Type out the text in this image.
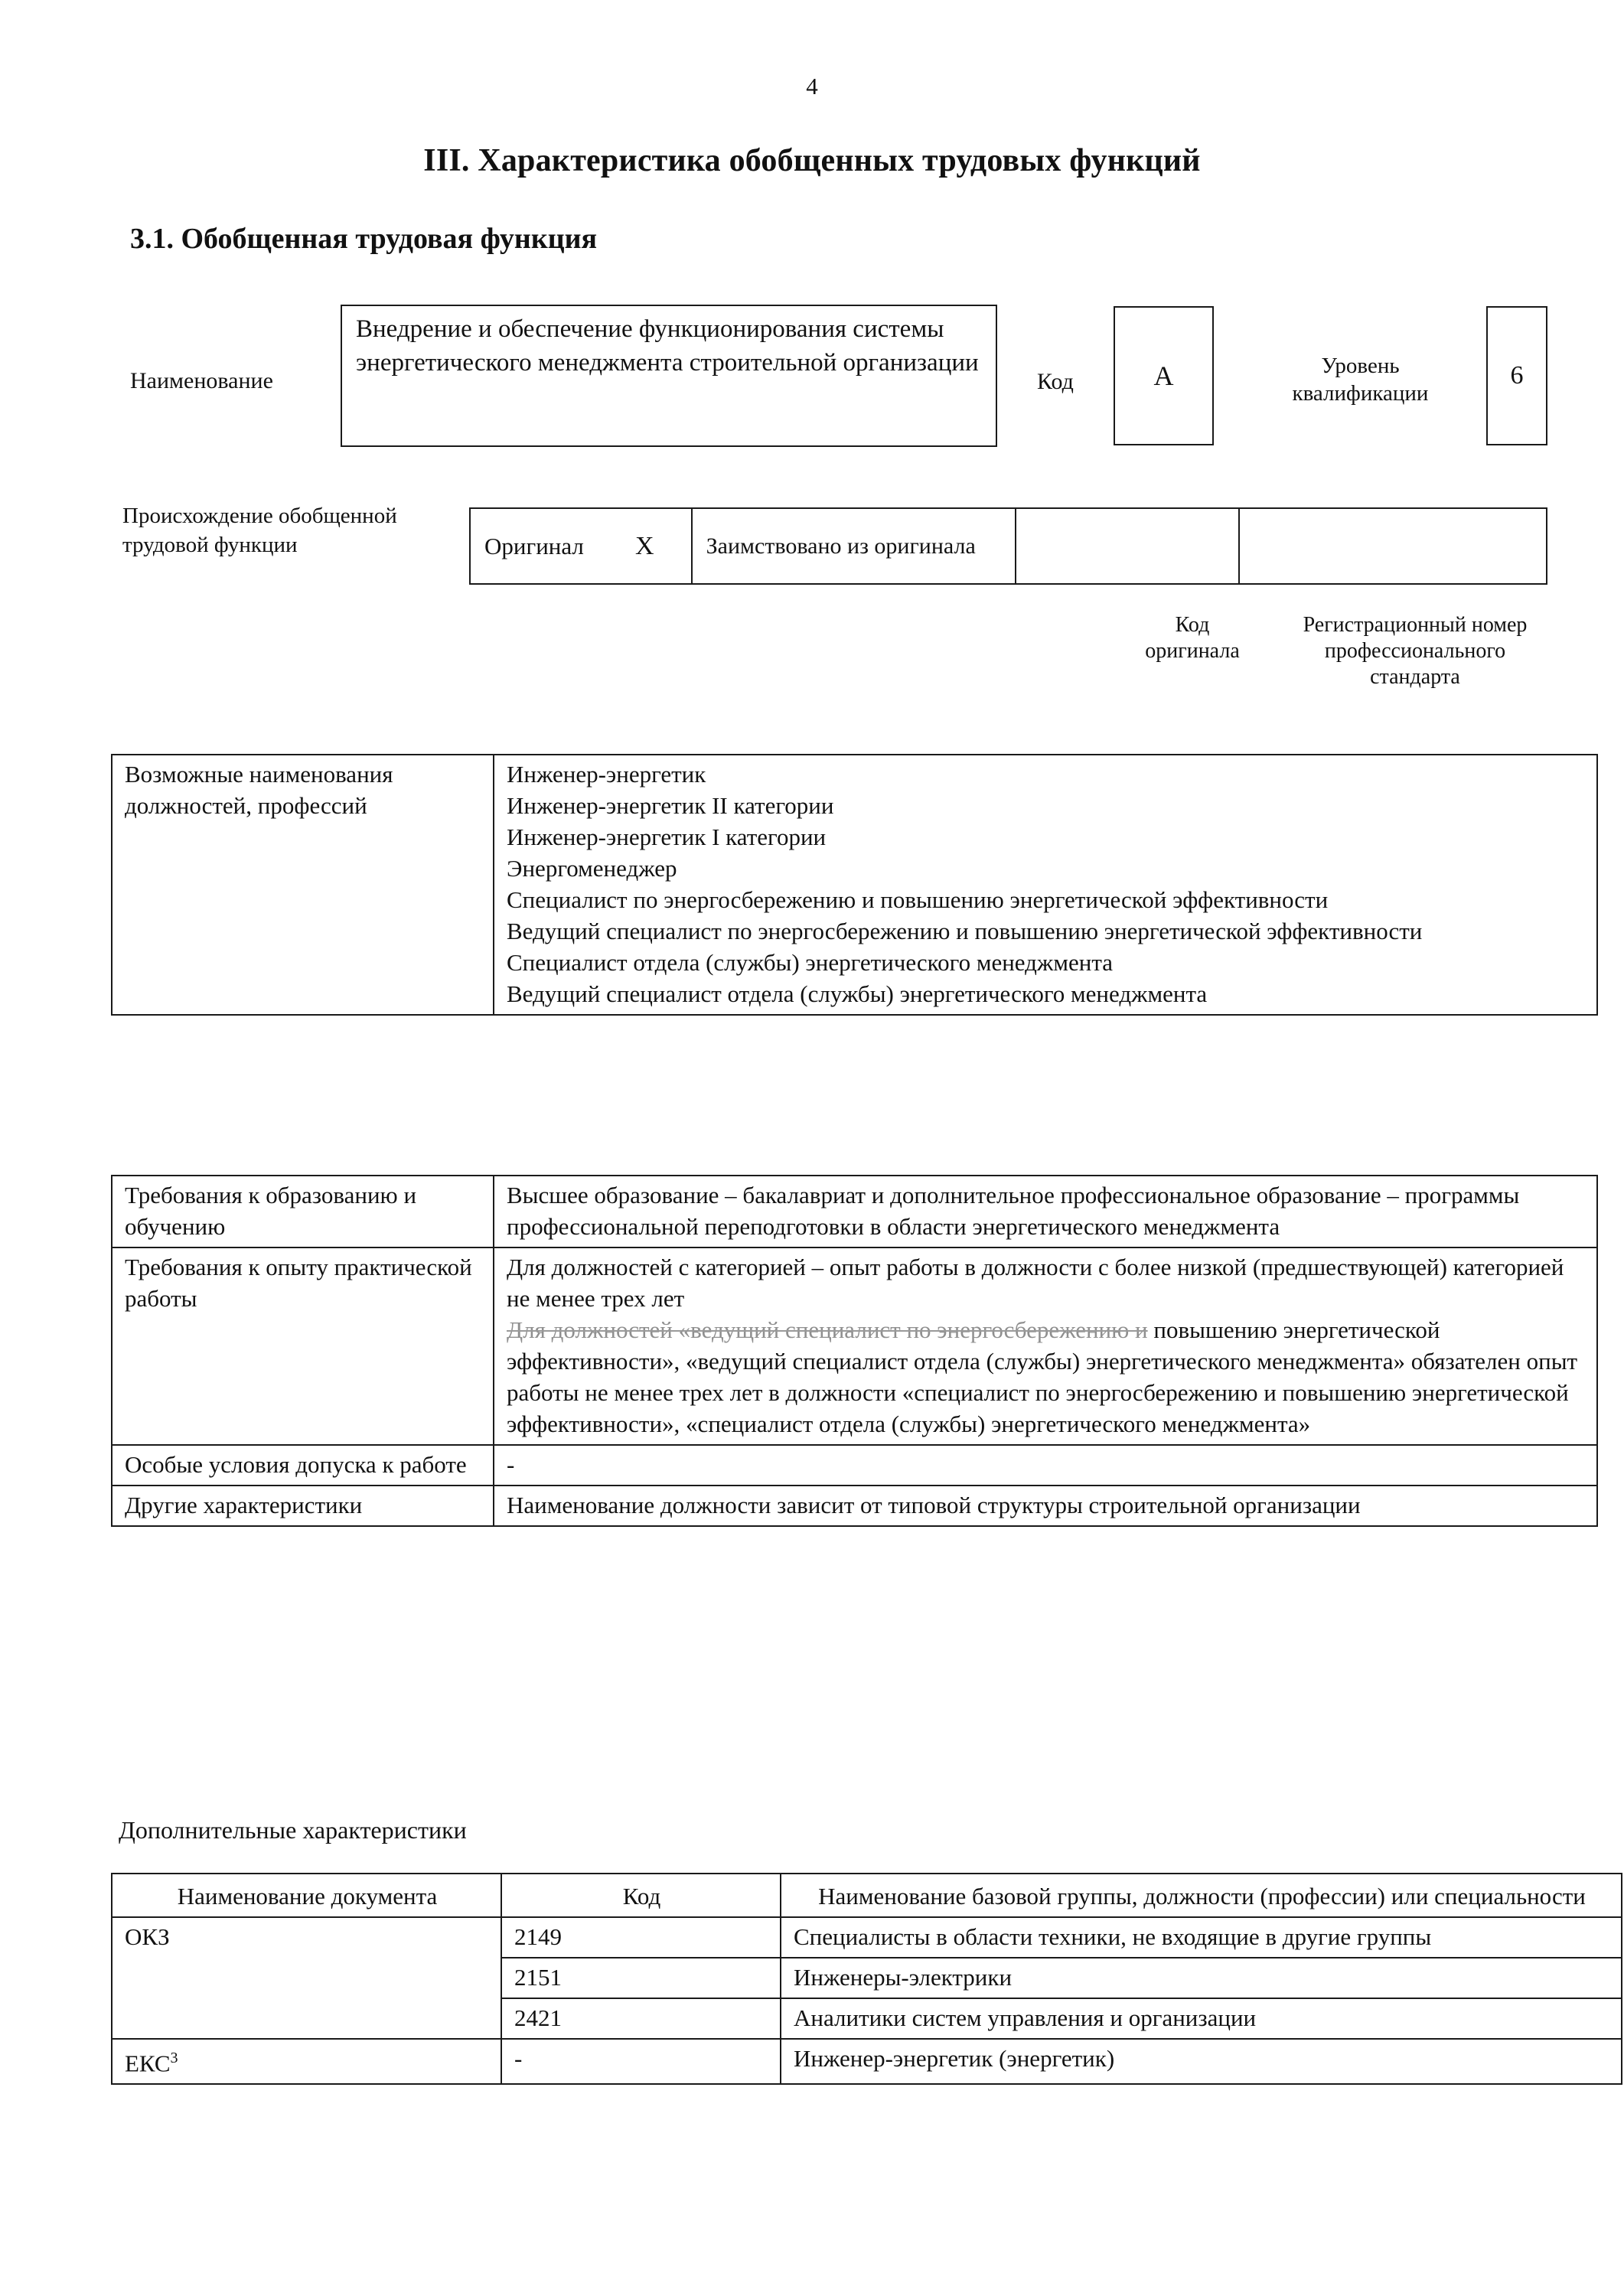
4
III. Характеристика обобщенных трудовых функций
3.1. Обобщенная трудовая функция
Наименование
Внедрение и обеспечение функционирования системы энергетического менеджмента строительной организации
Код	A	Уровень квалификации
6
Происхождение обобщенной трудовой функции	Оригинал X Заимствовано из оригинала
Код оригинала
Регистрационный номер профессионального стандарта
Возможные наименования должностей, профессий	
Инженер-энергетик
Инженер-энергетик II категории
Инженер-энергетик I категории
Энергоменеджер
Специалист по энергосбережению и повышению энергетической эффективности
Ведущий специалист по энергосбережению и повышению энергетической эффективности
Специалист отдела (службы) энергетического менеджмента
Ведущий специалист отдела (службы) энергетического менеджмента
Требования к образованию и обучению	Высшее образование – бакалавриат и дополнительное профессиональное образование – программы профессиональной переподготовки в области энергетического менеджмента
Требования к опыту практической работы	Для должностей с категорией – опыт работы в должности с более низкой (предшествующей) категорией не менее трех лет
Для должностей «ведущий специалист по энергосбережению и повышению энергетической эффективности», «ведущий специалист отдела (службы) энергетического менеджмента» обязателен опыт работы не менее трех лет в должности «специалист по энергосбережению и повышению энергетической эффективности», «специалист отдела (службы) энергетического менеджмента»

Особые условия допуска к работе	-
Другие характеристики	Наименование должности зависит от типовой структуры строительной организации
Дополнительные характеристики
Наименование документа	Код	Наименование базовой группы, должности (профессии) или специальности
ОКЗ	2149	Специалисты в области техники, не входящие в другие группы
	2151	Инженеры-электрики
	2421	Аналитики систем управления и организации
ЕКС$^3$	-	Инженер-энергетик (энергетик)
